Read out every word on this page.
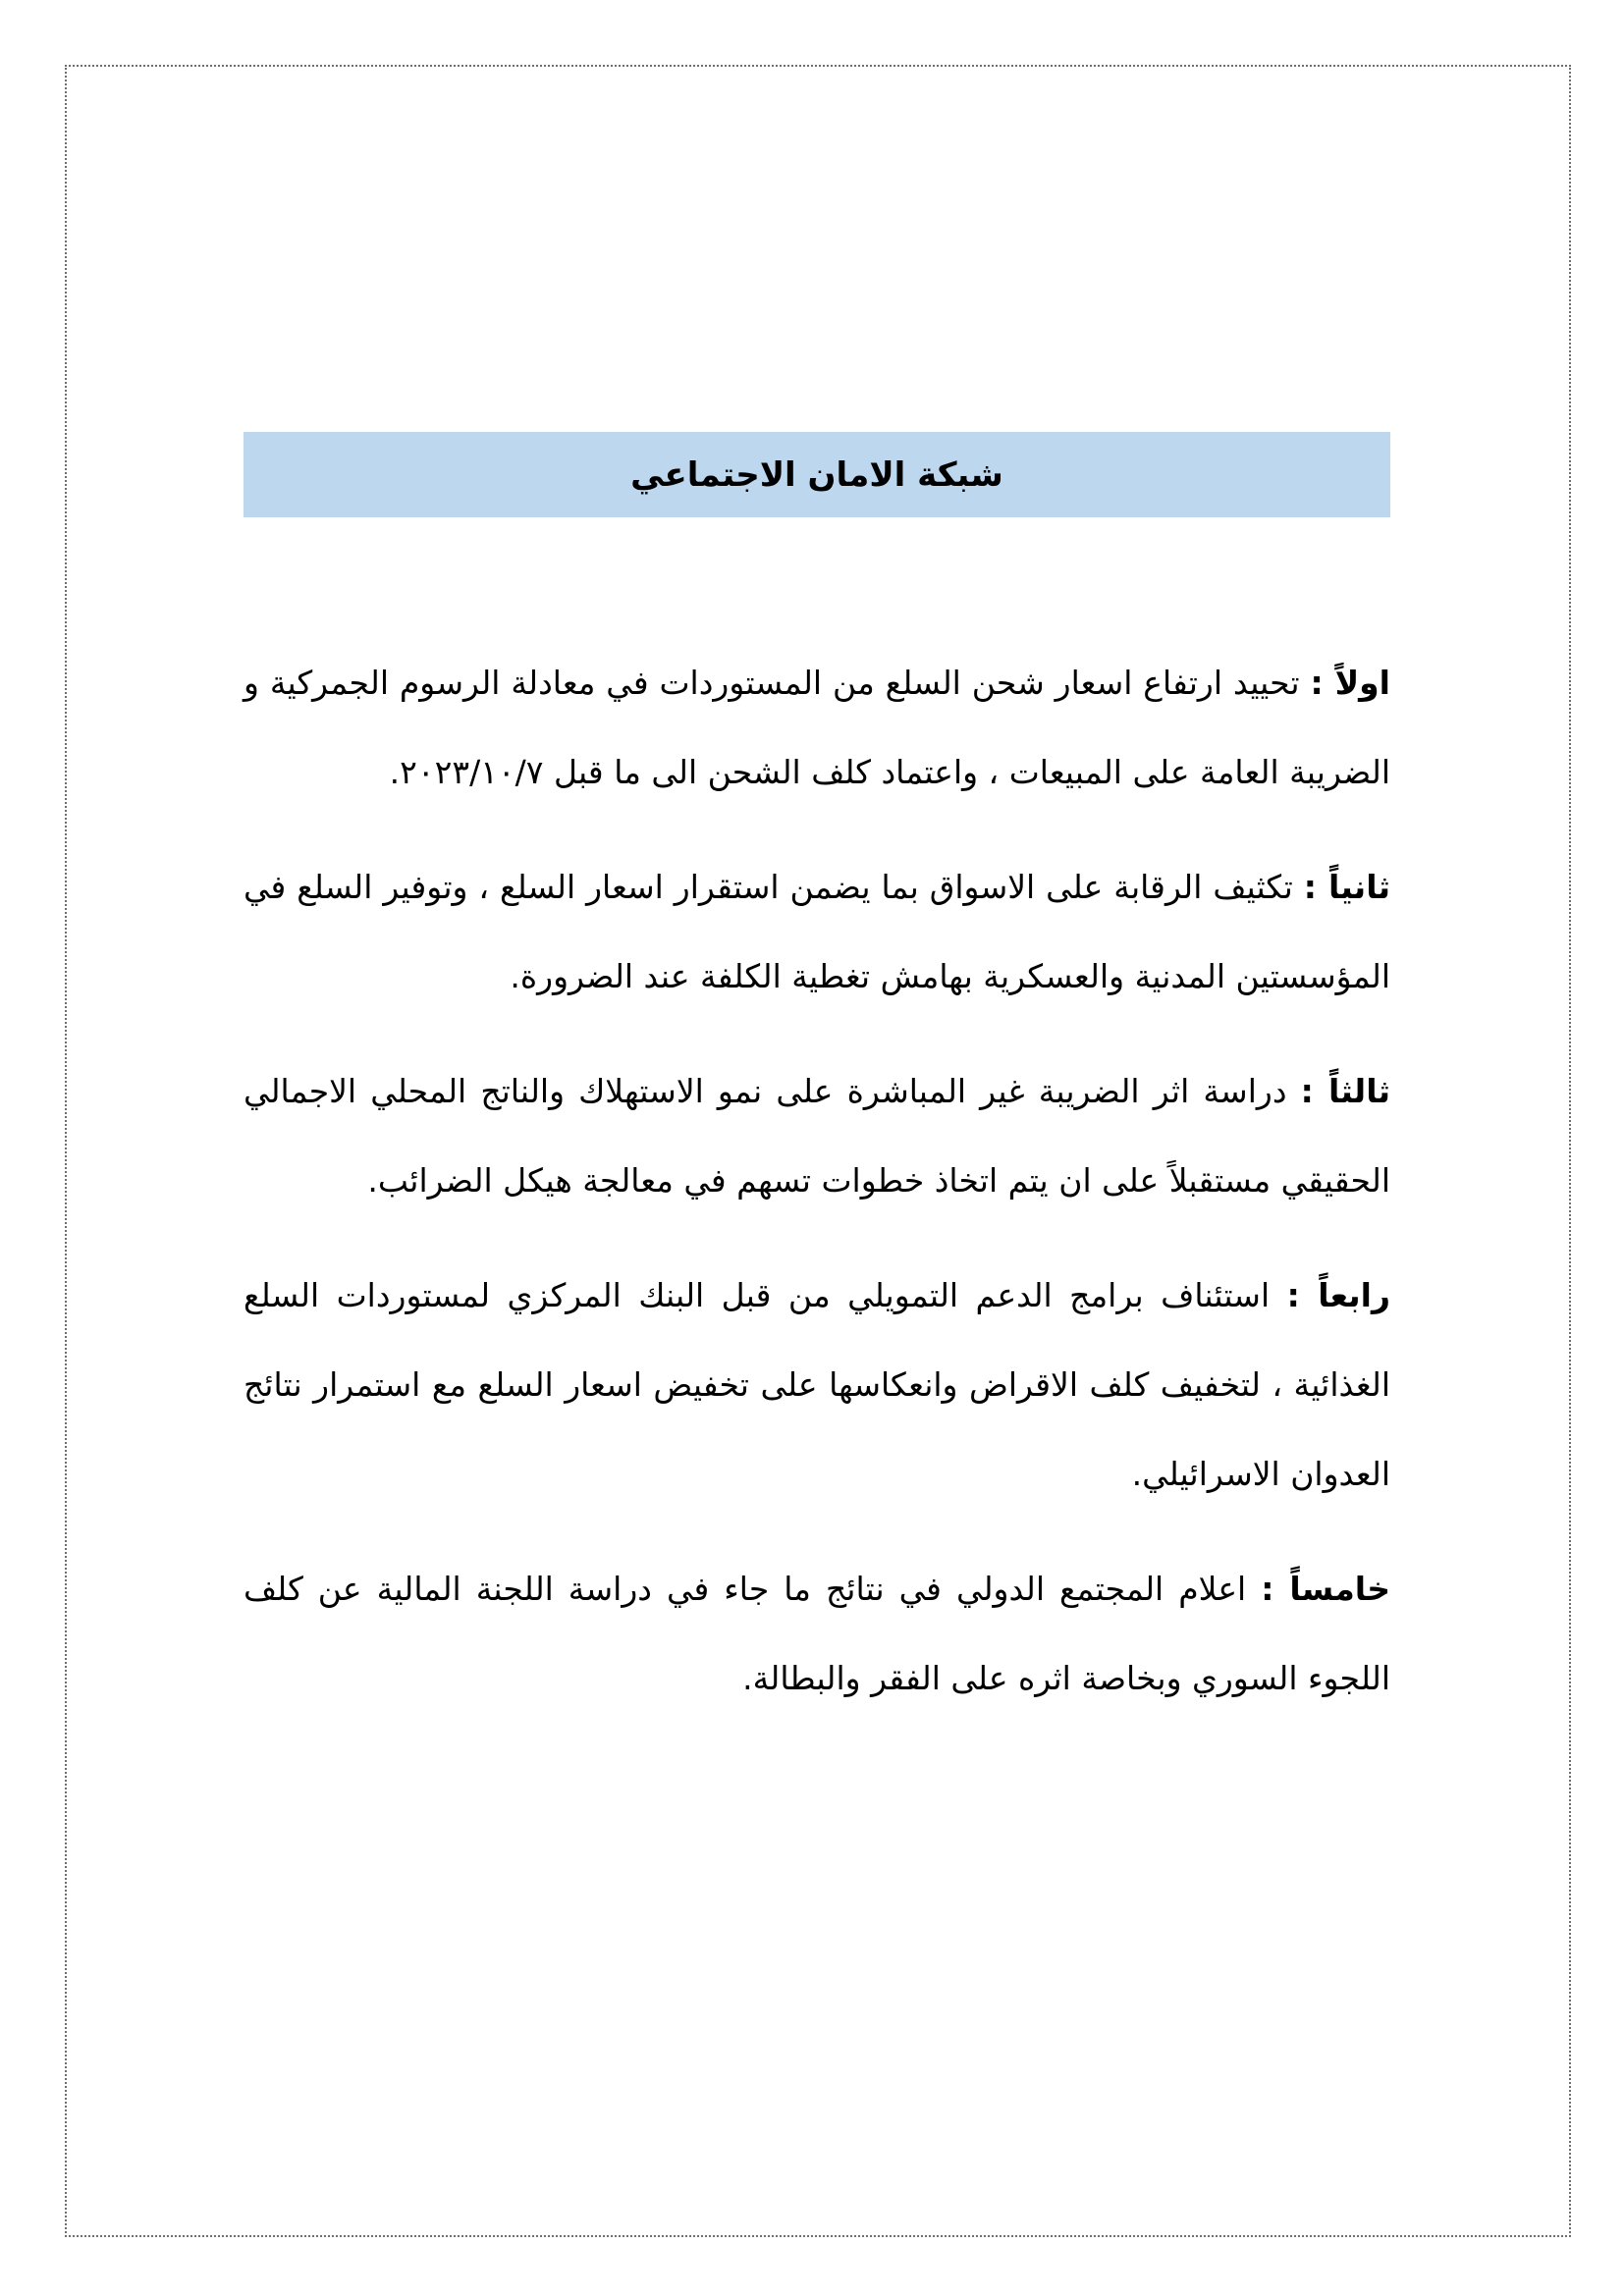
شبكة الامان الاجتماعي

اولاً : تحييد ارتفاع اسعار شحن السلع من المستوردات في معادلة الرسوم الجمركية و الضريبة العامة على المبيعات ، واعتماد كلف الشحن الى ما قبل ٢٠٢٣/١٠/٧.

ثانياً : تكثيف الرقابة على الاسواق بما يضمن استقرار اسعار السلع ، وتوفير السلع في المؤسستين المدنية والعسكرية بهامش تغطية الكلفة عند الضرورة.

ثالثاً : دراسة اثر الضريبة غير المباشرة على نمو الاستهلاك والناتج المحلي الاجمالي الحقيقي مستقبلاً على ان يتم اتخاذ خطوات تسهم في معالجة هيكل الضرائب.

رابعاً : استئناف برامج الدعم التمويلي من قبل البنك المركزي لمستوردات السلع الغذائية ، لتخفيف كلف الاقراض وانعكاسها على تخفيض اسعار السلع مع استمرار نتائج العدوان الاسرائيلي.

خامساً : اعلام المجتمع الدولي في نتائج ما جاء في دراسة اللجنة المالية عن كلف اللجوء السوري وبخاصة اثره على الفقر والبطالة.
